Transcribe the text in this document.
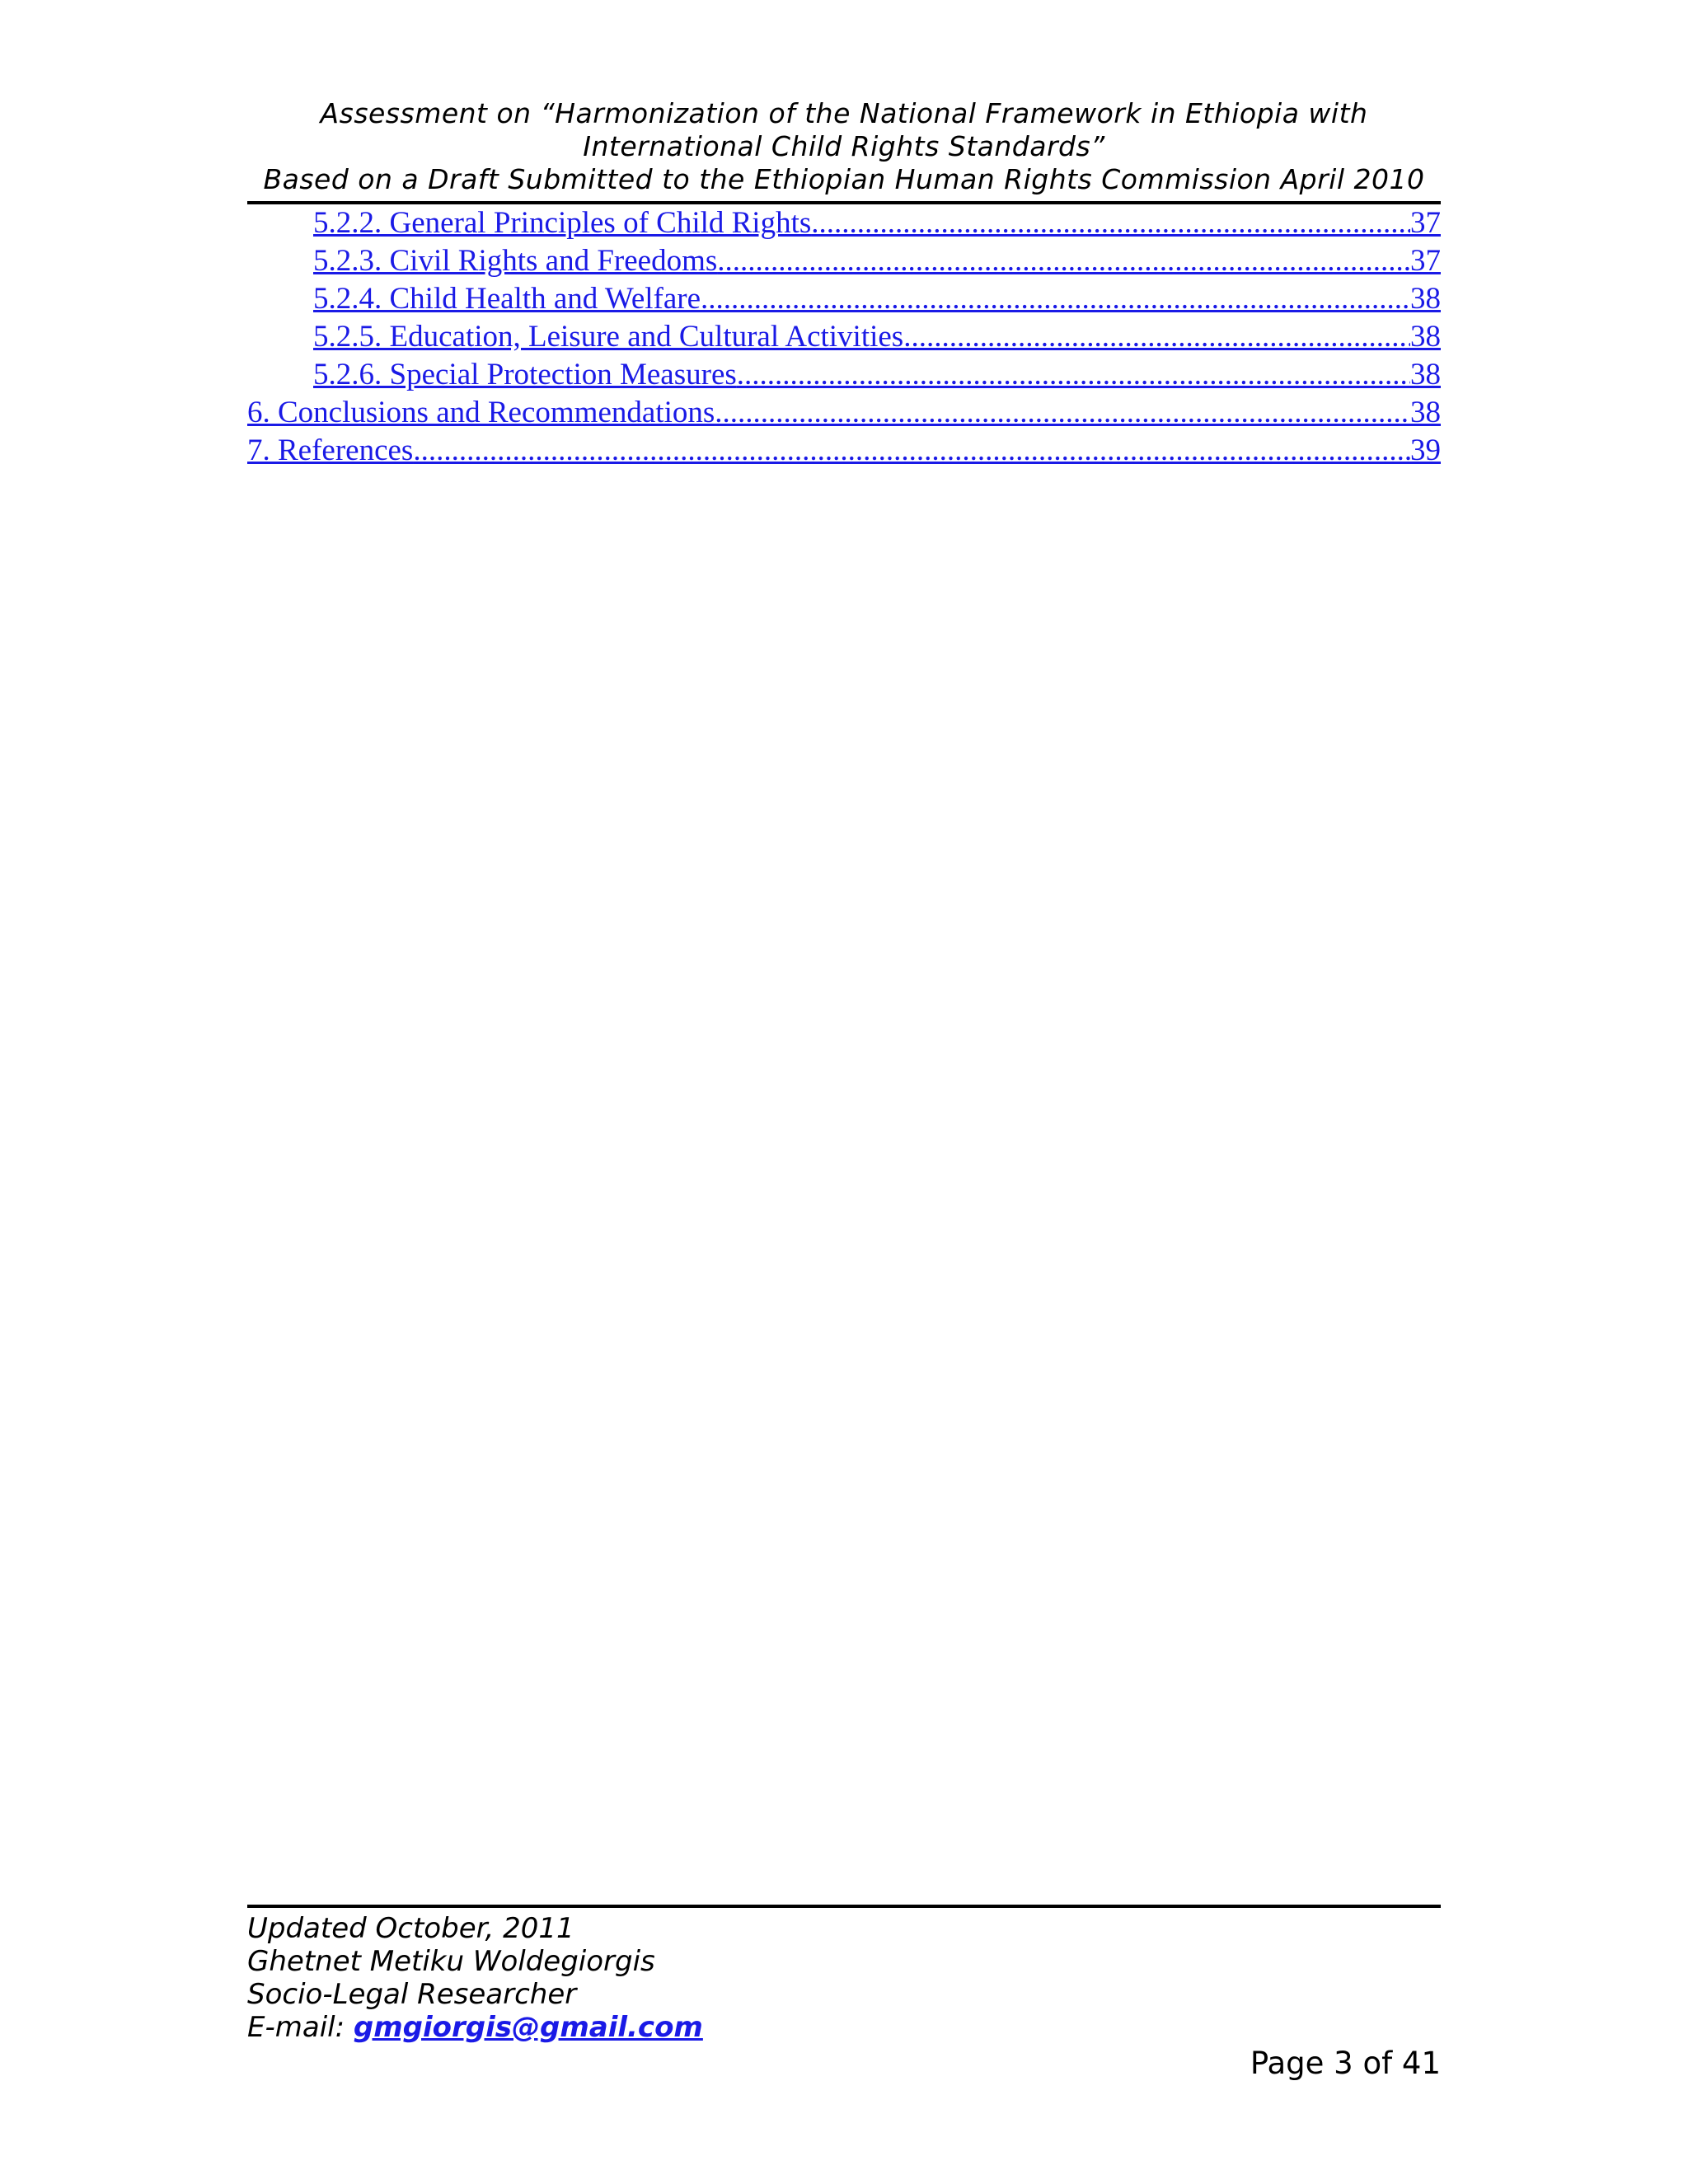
Assessment on “Harmonization of the National Framework in Ethiopia with
International Child Rights Standards”
Based on a Draft Submitted to the Ethiopian Human Rights Commission April 2010
5.2.2. General Principles of Child Rights .....	37
5.2.3. Civil Rights and Freedoms .....	37
5.2.4. Child Health and Welfare .....	38
5.2.5. Education, Leisure and Cultural Activities .....	38
5.2.6. Special Protection Measures .....	38
6. Conclusions and Recommendations .....	38
7. References .....	39
Updated October, 2011
Ghetnet Metiku Woldegiorgis
Socio-Legal Researcher
E-mail: gmgiorgis@gmail.com
Page 3 of 41
